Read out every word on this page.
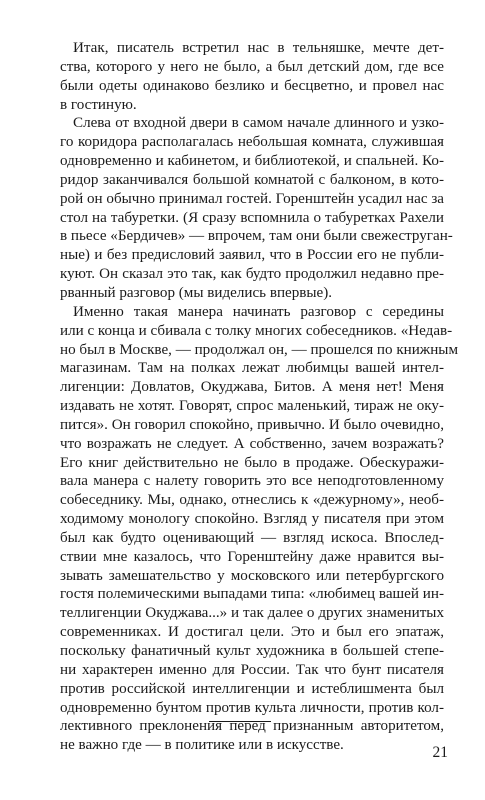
Итак, писатель встретил нас в тельняшке, мечте дет-
ства, которого у него не было, а был детский дом, где все
были одеты одинаково безлико и бесцветно, и провел нас
в гостиную.
Слева от входной двери в самом начале длинного и узко-
го коридора располагалась небольшая комната, служившая
одновременно и кабинетом, и библиотекой, и спальней. Ко-
ридор заканчивался большой комнатой с балконом, в кото-
рой он обычно принимал гостей. Горенштейн усадил нас за
стол на табуретки. (Я сразу вспомнила о табуретках Рахели
в пьесе «Бердичев» — впрочем, там они были свежеструган-
ные) и без предисловий заявил, что в России его не публи-
куют. Он сказал это так, как будто продолжил недавно пре-
рванный разговор (мы виделись впервые).
Именно такая манера начинать разговор с середины
или с конца и сбивала с толку многих собеседников. «Недав-
но был в Москве, — продолжал он, — прошелся по книжным
магазинам. Там на полках лежат любимцы вашей интел-
лигенции: Довлатов, Окуджава, Битов. А меня нет! Меня
издавать не хотят. Говорят, спрос маленький, тираж не оку-
пится». Он говорил спокойно, привычно. И было очевидно,
что возражать не следует. А собственно, зачем возражать?
Его книг действительно не было в продаже. Обескуражи-
вала манера с налету говорить это все неподготовленному
собеседнику. Мы, однако, отнеслись к «дежурному», необ-
ходимому монологу спокойно. Взгляд у писателя при этом
был как будто оценивающий — взгляд искоса. Впослед-
ствии мне казалось, что Горенштейну даже нравится вы-
зывать замешательство у московского или петербургского
гостя полемическими выпадами типа: «любимец вашей ин-
теллигенции Окуджава...» и так далее о других знаменитых
современниках. И достигал цели. Это и был его эпатаж,
поскольку фанатичный культ художника в большей степе-
ни характерен именно для России. Так что бунт писателя
против российской интеллигенции и истеблишмента был
одновременно бунтом против культа личности, против кол-
лективного преклонения перед признанным авторитетом,
не важно где — в политике или в искусстве.	21
